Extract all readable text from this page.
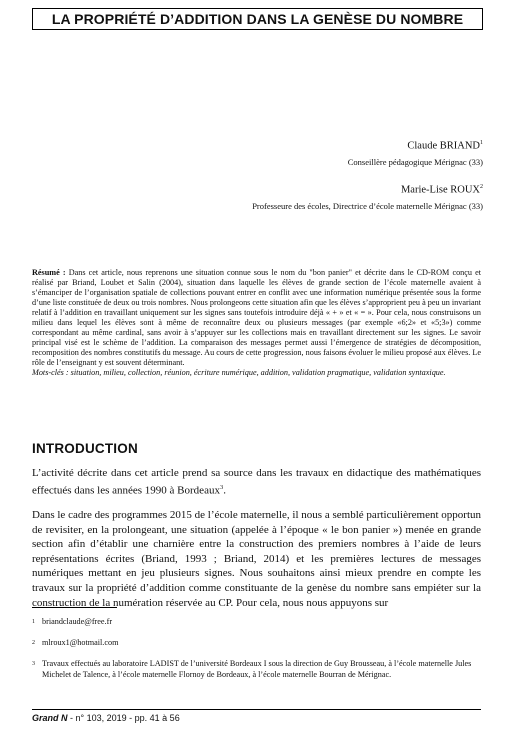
LA PROPRIÉTÉ D’ADDITION DANS LA GENÈSE DU NOMBRE
Claude BRIAND$^1$
Conseillère pédagogique Mérignac (33)
Marie-Lise ROUX$^2$
Professeure des écoles, Directrice d’école maternelle Mérignac (33)
Résumé : Dans cet article, nous reprenons une situation connue sous le nom du "bon panier" et décrite dans le CD-ROM conçu et réalisé par Briand, Loubet et Salin (2004), situation dans laquelle les élèves de grande section de l’école maternelle avaient à s’émanciper de l’organisation spatiale de collections pouvant entrer en conflit avec une information numérique présentée sous la forme d’une liste constituée de deux ou trois nombres. Nous prolongeons cette situation afin que les élèves s’approprient peu à peu un invariant relatif à l’addition en travaillant uniquement sur les signes sans toutefois introduire déjà « + » et « = ». Pour cela, nous construisons un milieu dans lequel les élèves sont à même de reconnaître deux ou plusieurs messages (par exemple «6;2» et «5;3») comme correspondant au même cardinal, sans avoir à s’appuyer sur les collections mais en travaillant directement sur les signes. Le savoir principal visé est le schème de l’addition. La comparaison des messages permet aussi l’émergence de stratégies de décomposition, recomposition des nombres constitutifs du message. Au cours de cette progression, nous faisons évoluer le milieu proposé aux élèves. Le rôle de l’enseignant y est souvent déterminant.
Mots-clés : situation, milieu, collection, réunion, écriture numérique, addition, validation pragmatique, validation syntaxique.
INTRODUCTION
L’activité décrite dans cet article prend sa source dans les travaux en didactique des mathématiques effectués dans les années 1990 à Bordeaux$^3$.
Dans le cadre des programmes 2015 de l’école maternelle, il nous a semblé particulièrement opportun de revisiter, en la prolongeant, une situation (appelée à l’époque « le bon panier ») menée en grande section afin d’établir une charnière entre la construction des premiers nombres à l’aide de leurs représentations écrites (Briand, 1993 ; Briand, 2014) et les premières lectures de messages numériques mettant en jeu plusieurs signes. Nous souhaitons ainsi mieux prendre en compte les travaux sur la propriété d’addition comme constituante de la genèse du nombre sans empiéter sur la construction de la numération réservée au CP. Pour cela, nous nous appuyons sur
1 briandclaude@free.fr
2 mlroux1@hotmail.com
3 Travaux effectués au laboratoire LADIST de l’université Bordeaux I sous la direction de Guy Brousseau, à l’école maternelle Jules Michelet de Talence, à l’école maternelle Flornoy de Bordeaux, à l’école maternelle Bourran de Mérignac.
Grand N - n° 103, 2019 - pp. 41 à 56
